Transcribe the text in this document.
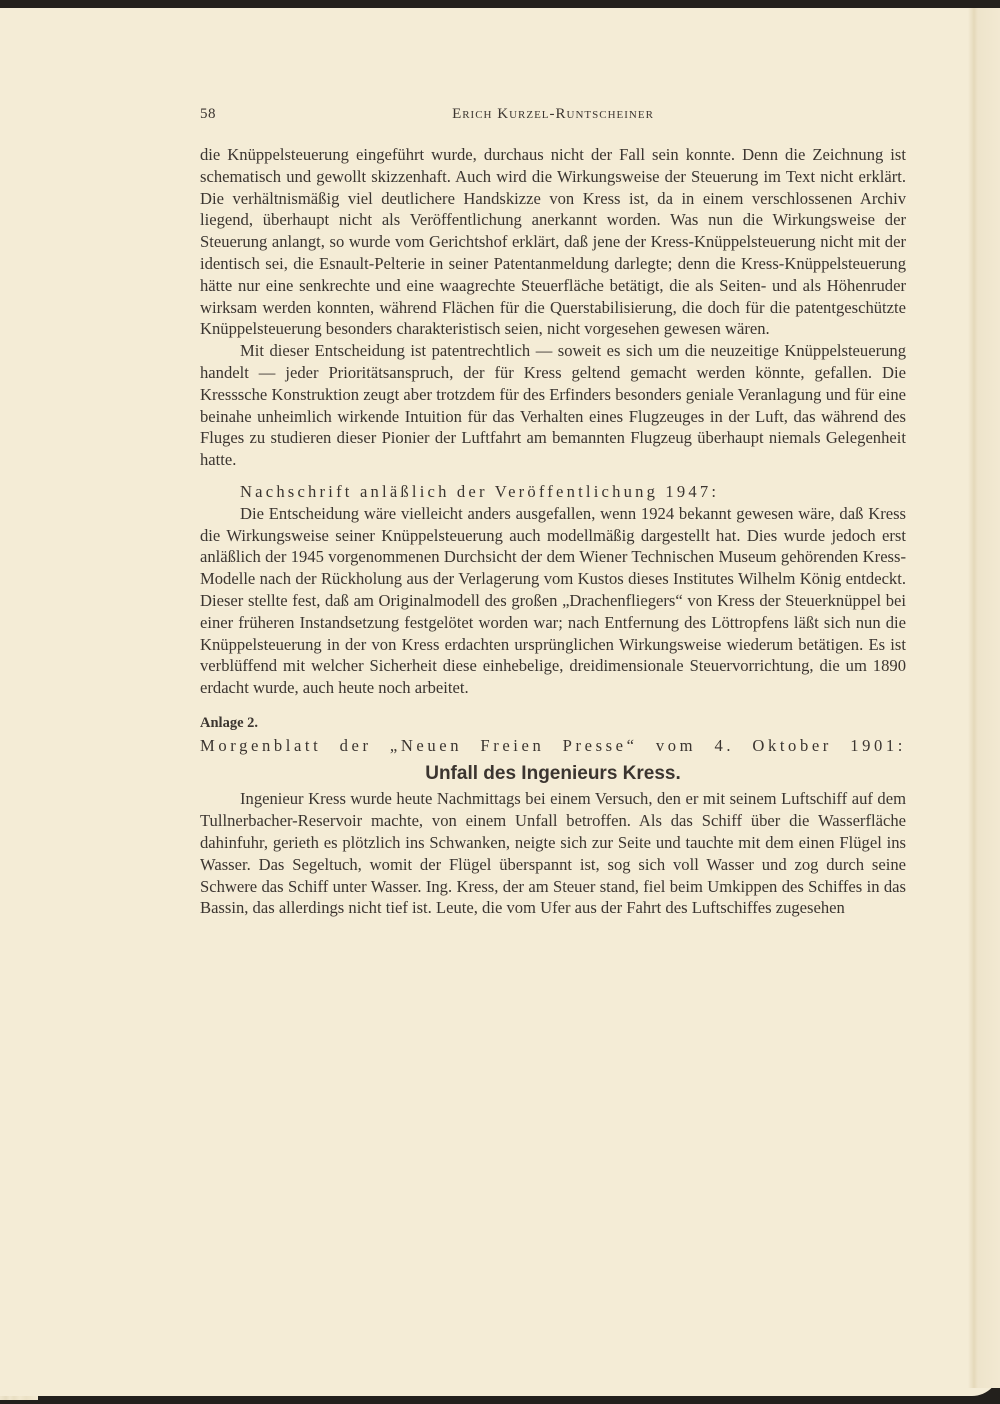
58	Erich Kurzel-Runtscheiner

die Knüppelsteuerung eingeführt wurde, durchaus nicht der Fall sein konnte. Denn die Zeichnung ist schematisch und gewollt skizzenhaft. Auch wird die Wirkungsweise der Steuerung im Text nicht erklärt. Die verhältnismäßig viel deutlichere Handskizze von Kress ist, da in einem verschlossenen Archiv liegend, überhaupt nicht als Veröffentlichung anerkannt worden. Was nun die Wirkungsweise der Steuerung anlangt, so wurde vom Gerichtshof erklärt, daß jene der Kress-Knüppelsteuerung nicht mit der identisch sei, die Esnault-Pelterie in seiner Patentanmeldung darlegte; denn die Kress-Knüppelsteuerung hätte nur eine senkrechte und eine waagrechte Steuerfläche betätigt, die als Seiten- und als Höhenruder wirksam werden konnten, während Flächen für die Querstabilisierung, die doch für die patentgeschützte Knüppelsteuerung besonders charakteristisch seien, nicht vorgesehen gewesen wären.

Mit dieser Entscheidung ist patentrechtlich — soweit es sich um die neuzeitige Knüppelsteuerung handelt — jeder Prioritätsanspruch, der für Kress geltend gemacht werden könnte, gefallen. Die Kresssche Konstruktion zeugt aber trotzdem für des Erfinders besonders geniale Veranlagung und für eine beinahe unheimlich wirkende Intuition für das Verhalten eines Flugzeuges in der Luft, das während des Fluges zu studieren dieser Pionier der Luftfahrt am bemannten Flugzeug überhaupt niemals Gelegenheit hatte.

Nachschrift anläßlich der Veröffentlichung 1947:

Die Entscheidung wäre vielleicht anders ausgefallen, wenn 1924 bekannt gewesen wäre, daß Kress die Wirkungsweise seiner Knüppelsteuerung auch modellmäßig dargestellt hat. Dies wurde jedoch erst anläßlich der 1945 vorgenommenen Durchsicht der dem Wiener Technischen Museum gehörenden Kress-Modelle nach der Rückholung aus der Verlagerung vom Kustos dieses Institutes Wilhelm König entdeckt. Dieser stellte fest, daß am Originalmodell des großen „Drachenfliegers“ von Kress der Steuerknüppel bei einer früheren Instandsetzung festgelötet worden war; nach Entfernung des Löttropfens läßt sich nun die Knüppelsteuerung in der von Kress erdachten ursprünglichen Wirkungsweise wiederum betätigen. Es ist verblüffend mit welcher Sicherheit diese einhebelige, dreidimensionale Steuervorrichtung, die um 1890 erdacht wurde, auch heute noch arbeitet.

Anlage 2.
Morgenblatt der „Neuen Freien Presse“ vom 4. Oktober 1901:
Unfall des Ingenieurs Kress.

Ingenieur Kress wurde heute Nachmittags bei einem Versuch, den er mit seinem Luftschiff auf dem Tullnerbacher-Reservoir machte, von einem Unfall betroffen. Als das Schiff über die Wasserfläche dahinfuhr, gerieth es plötzlich ins Schwanken, neigte sich zur Seite und tauchte mit dem einen Flügel ins Wasser. Das Segeltuch, womit der Flügel überspannt ist, sog sich voll Wasser und zog durch seine Schwere das Schiff unter Wasser. Ing. Kress, der am Steuer stand, fiel beim Umkippen des Schiffes in das Bassin, das allerdings nicht tief ist. Leute, die vom Ufer aus der Fahrt des Luftschiffes zugesehen
